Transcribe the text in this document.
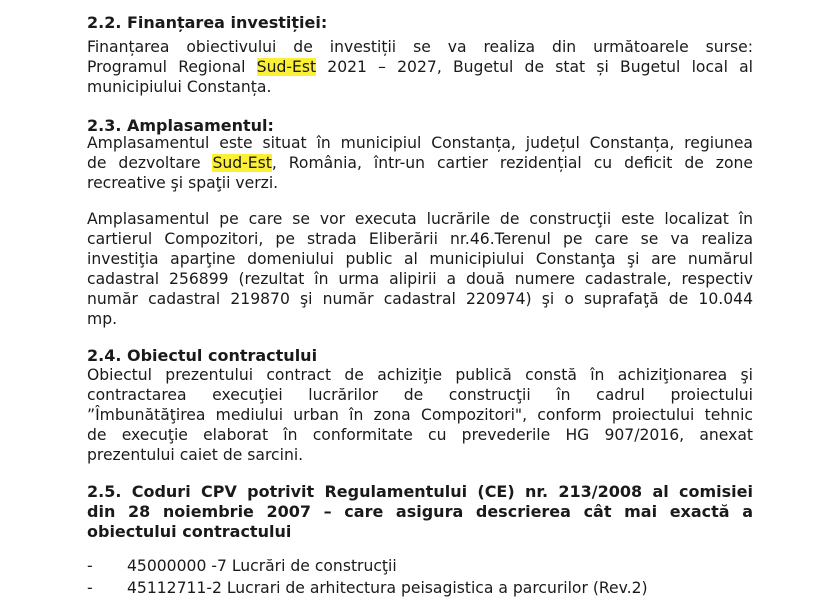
2.2. Finanțarea investiției:
Finanțarea obiectivului de investiții se va realiza din următoarele surse:
Programul Regional Sud-Est 2021 – 2027, Bugetul de stat și Bugetul local al
municipiului Constanța.
2.3. Amplasamentul:
Amplasamentul este situat în municipiul Constanța, județul Constanța, regiunea
de dezvoltare Sud-Est, România, într-un cartier rezidențial cu deficit de zone
recreative şi spaţii verzi.
Amplasamentul pe care se vor executa lucrările de construcţii este localizat în
cartierul Compozitori, pe strada Eliberării nr.46.Terenul pe care se va realiza
investiţia aparţine domeniului public al municipiului Constanţa şi are numărul
cadastral 256899 (rezultat în urma alipirii a două numere cadastrale, respectiv
număr cadastral 219870 şi număr cadastral 220974) şi o suprafaţă de 10.044
mp.
2.4. Obiectul contractului
Obiectul prezentului contract de achiziţie publică constă în achiziţionarea şi
contractarea execuţiei lucrărilor de construcţii în cadrul proiectului
”Îmbunătăţirea mediului urban în zona Compozitori", conform proiectului tehnic
de execuţie elaborat în conformitate cu prevederile HG 907/2016, anexat
prezentului caiet de sarcini.
2.5. Coduri CPV potrivit Regulamentului (CE) nr. 213/2008 al comisiei
din 28 noiembrie 2007 – care asigura descrierea cât mai exactă a
obiectului contractului
- 45000000 -7 Lucrări de construcţii
- 45112711-2 Lucrari de arhitectura peisagistica a parcurilor (Rev.2)
